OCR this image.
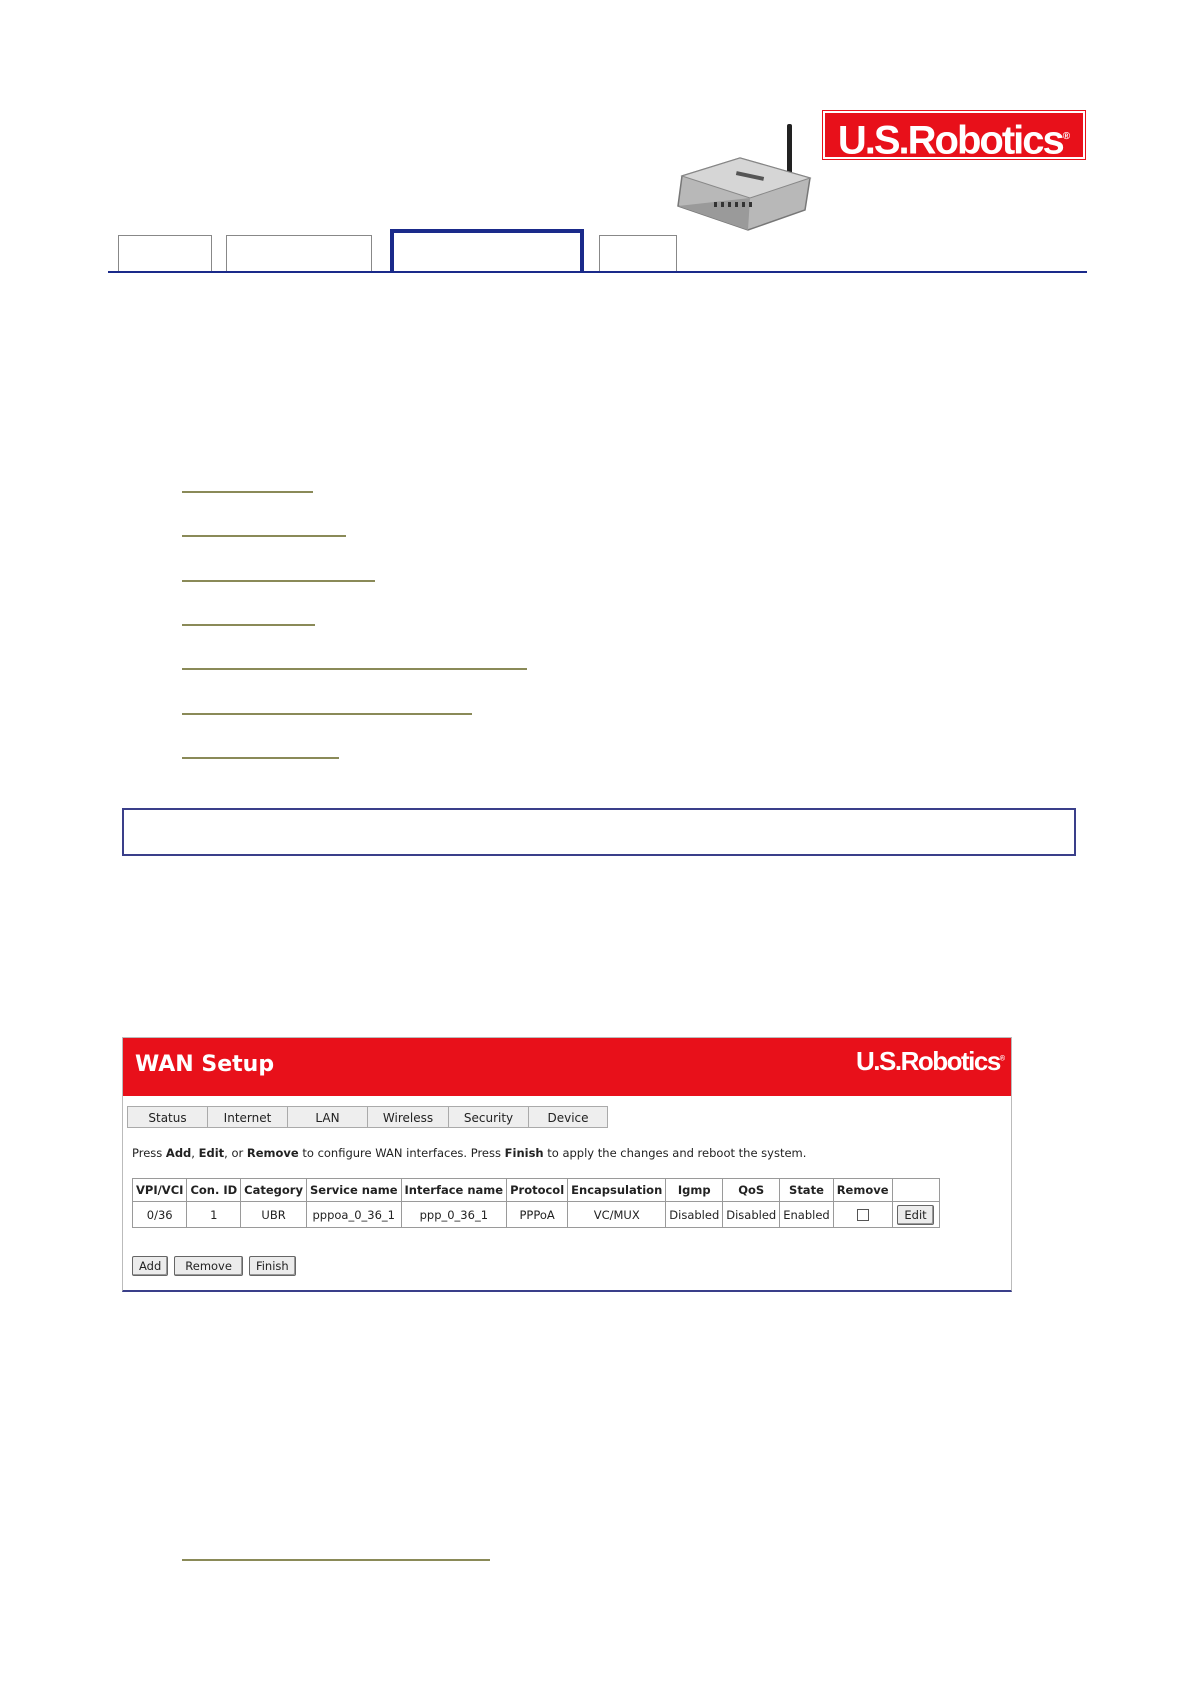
U.S.Robotics®
WAN Setup	U.S.Robotics®
Status	Internet	LAN	Wireless	Security	Device
Press Add, Edit, or Remove to configure WAN interfaces. Press Finish to apply the changes and reboot the system.
VPI/VCI	Con. ID	Category	Service name	Interface name	Protocol	Encapsulation	Igmp	QoS	State	Remove	
0/36	1	UBR	pppoa_0_36_1	ppp_0_36_1	PPPoA	VC/MUX	Disabled	Disabled	Enabled		Edit
Add	Remove	Finish
